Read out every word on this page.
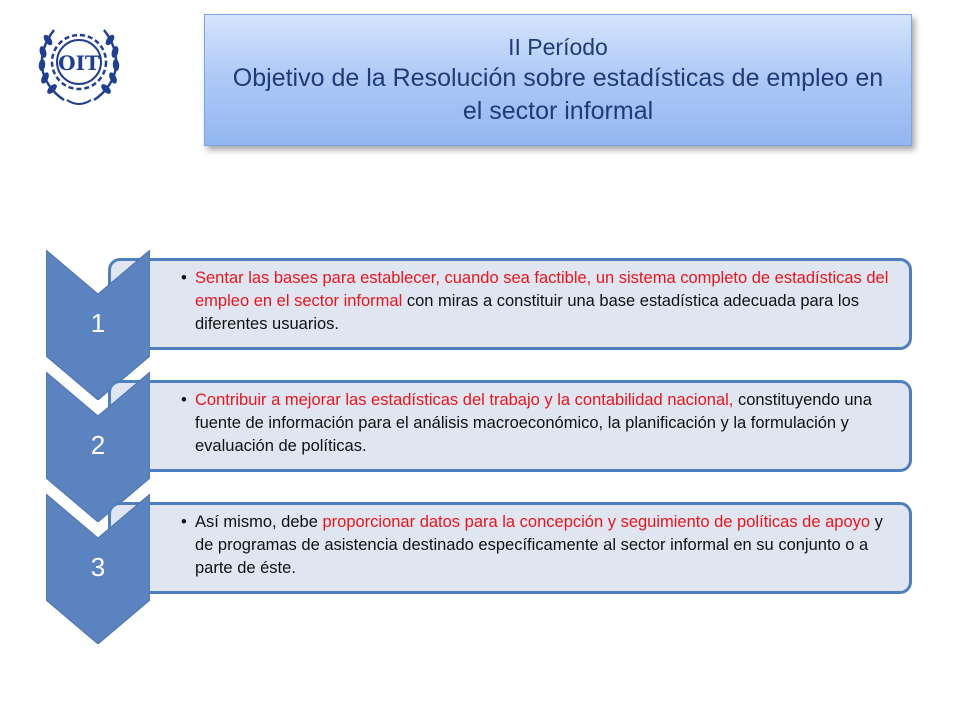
OIT
II Período
Objetivo de la Resolución sobre estadísticas de empleo en el sector informal
• Sentar las bases para establecer, cuando sea factible, un sistema completo de estadísticas del empleo en el sector informal con miras a constituir una base estadística adecuada para los diferentes usuarios.
1
• Contribuir a mejorar las estadísticas del trabajo y la contabilidad nacional, constituyendo una fuente de información para el análisis macroeconómico, la planificación y la formulación y evaluación de políticas.
2
• Así mismo, debe proporcionar datos para la concepción y seguimiento de políticas de apoyo y de programas de asistencia destinado específicamente al sector informal en su conjunto o a parte de éste.
3
